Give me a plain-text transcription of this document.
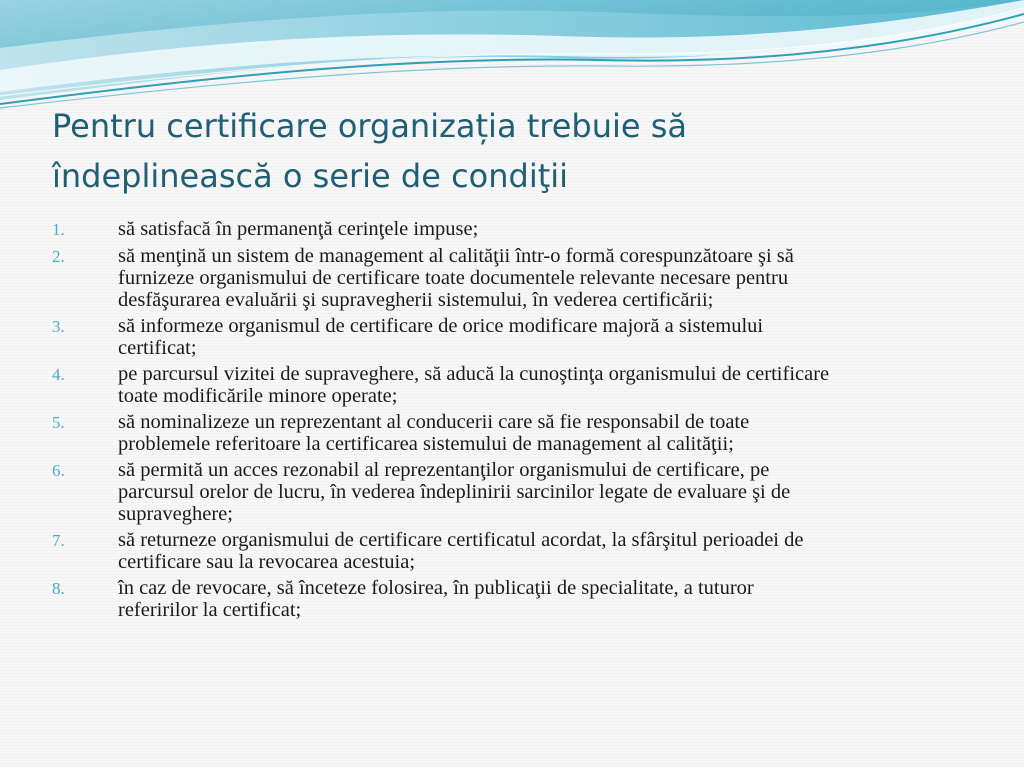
Pentru certificare organizația trebuie să
îndeplinească o serie de condiţii
1.	să satisfacă în permanenţă cerinţele impuse;
2.	să menţină un sistem de management al calităţii într-o formă corespunzătoare şi să
furnizeze organismului de certificare toate documentele relevante necesare pentru
desfăşurarea evaluării şi supravegherii sistemului, în vederea certificării;
3.	să informeze organismul de certificare de orice modificare majoră a sistemului
certificat;
4.	pe parcursul vizitei de supraveghere, să aducă la cunoştinţa organismului de certificare
toate modificările minore operate;
5.	să nominalizeze un reprezentant al conducerii care să fie responsabil de toate
problemele referitoare la certificarea sistemului de management al calităţii;
6.	să permită un acces rezonabil al reprezentanţilor organismului de certificare, pe
parcursul orelor de lucru, în vederea îndeplinirii sarcinilor legate de evaluare şi de
supraveghere;
7.	să returneze organismului de certificare certificatul acordat, la sfârşitul perioadei de
certificare sau la revocarea acestuia;
8.	în caz de revocare, să înceteze folosirea, în publicaţii de specialitate, a tuturor
referirilor la certificat;
